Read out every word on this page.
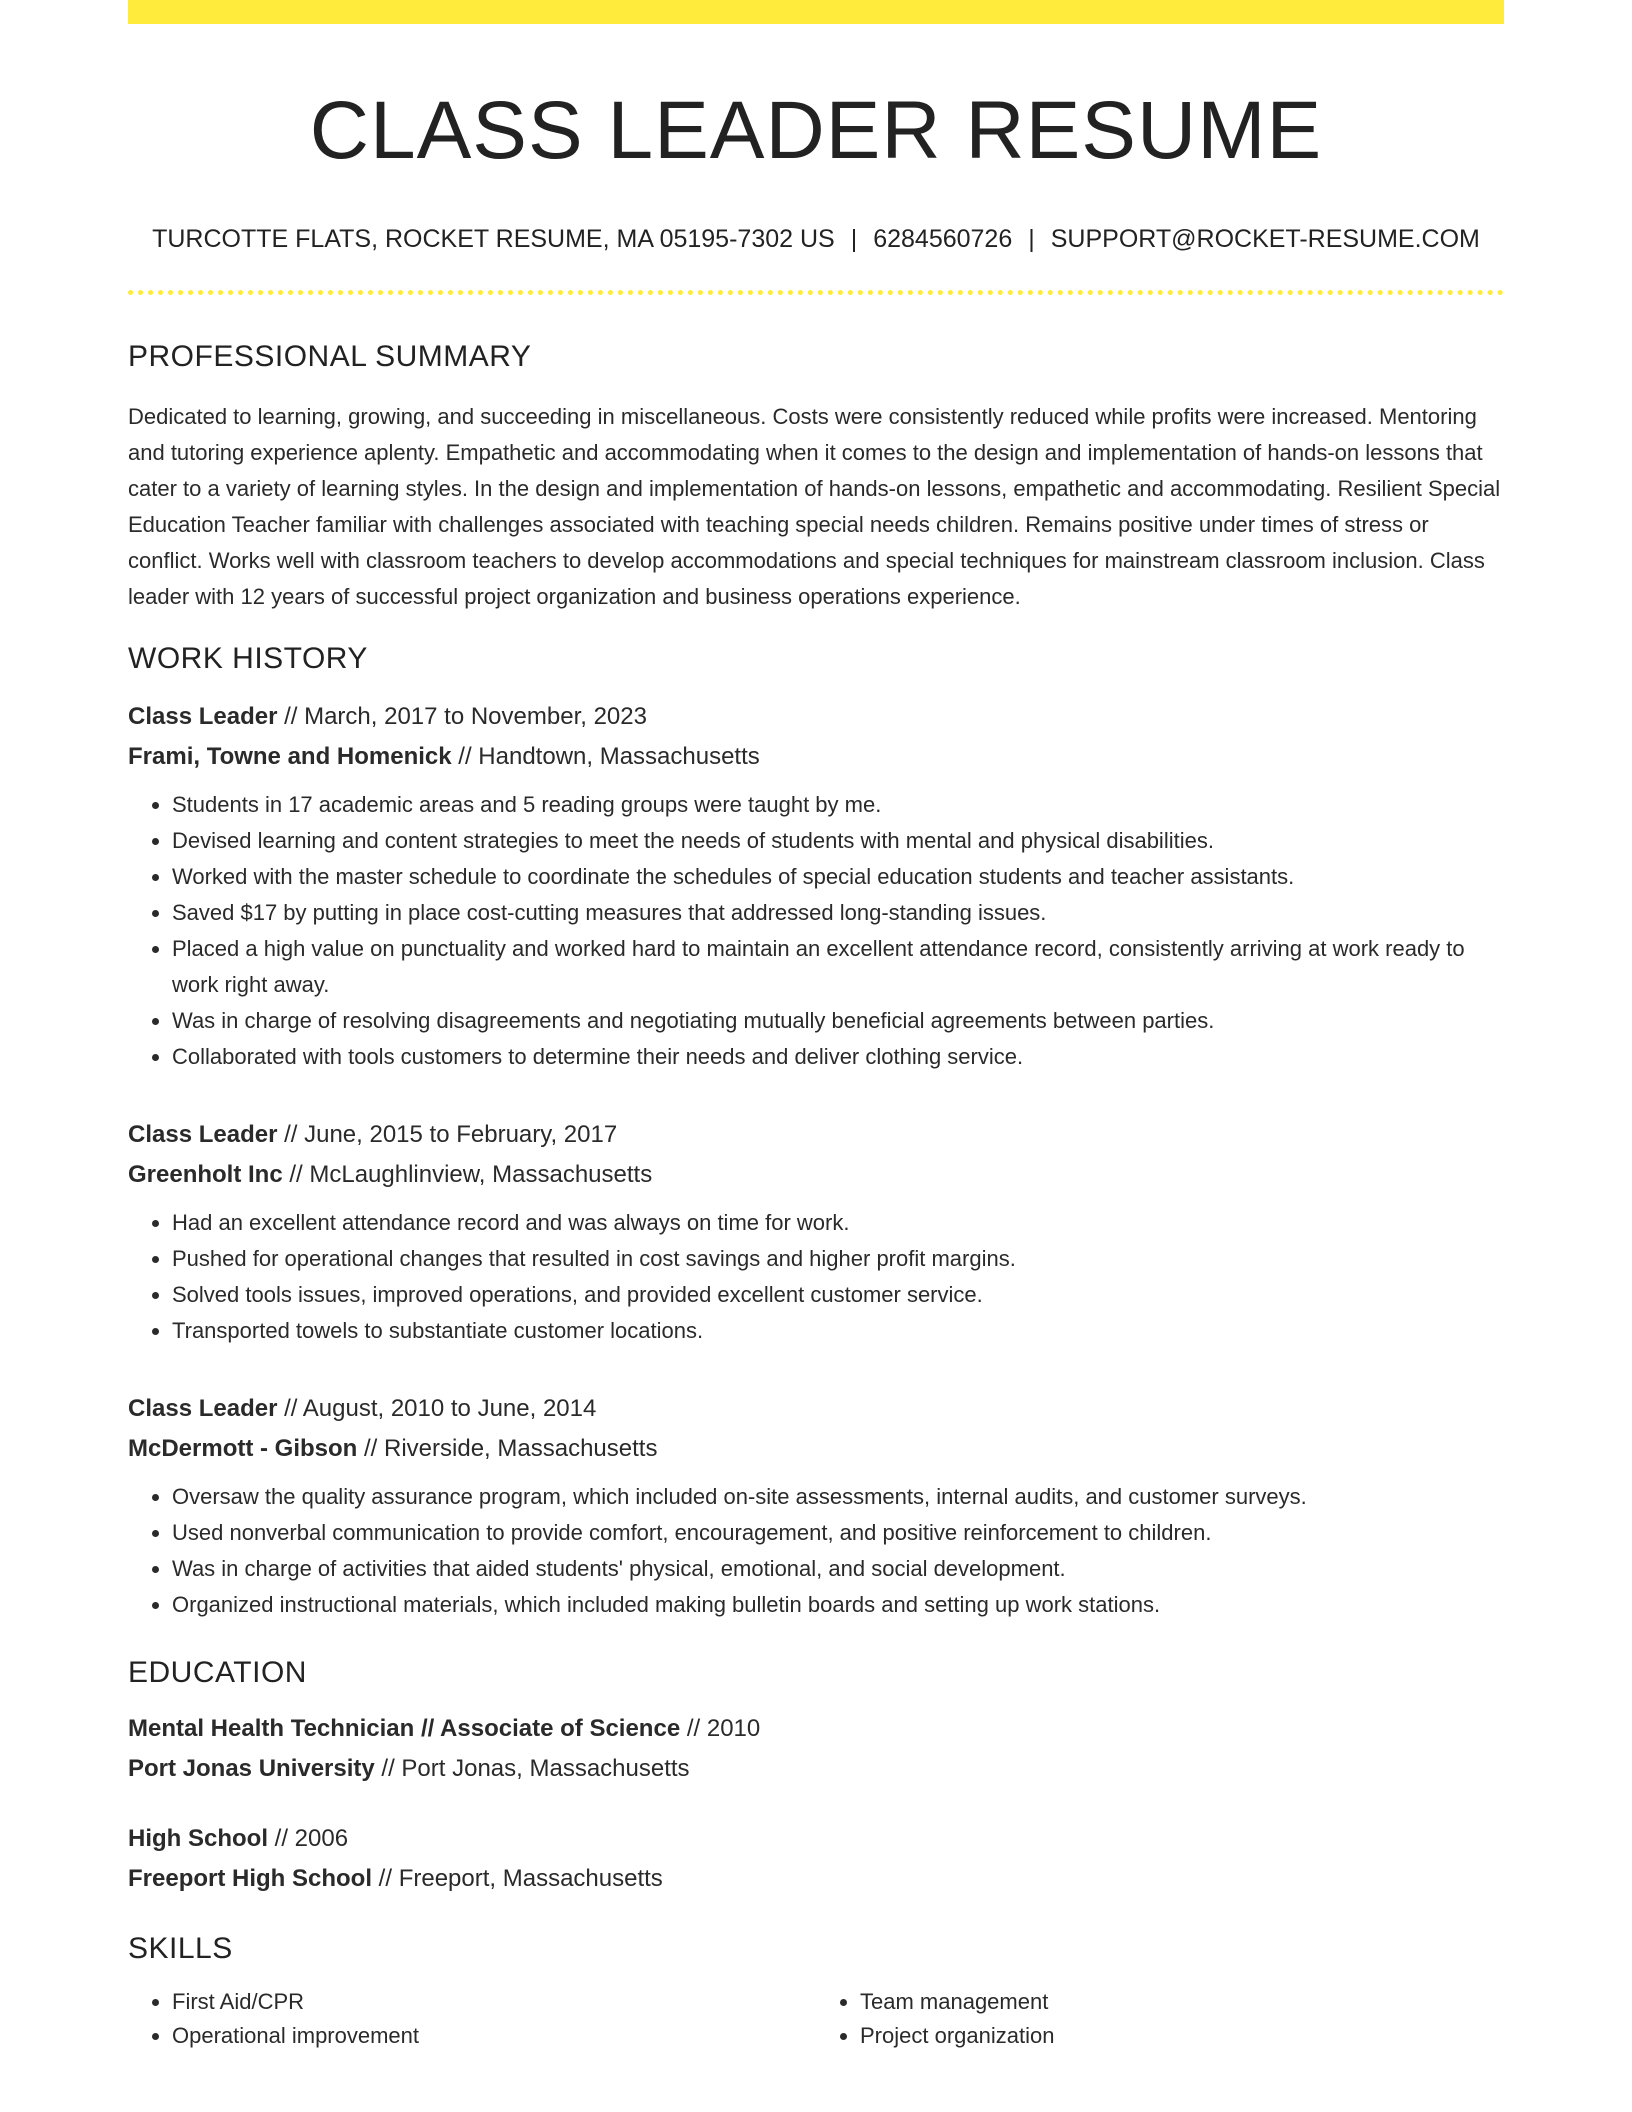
CLASS LEADER RESUME
TURCOTTE FLATS, ROCKET RESUME, MA 05195-7302 US | 6284560726 | SUPPORT@ROCKET-RESUME.COM
PROFESSIONAL SUMMARY

Dedicated to learning, growing, and succeeding in miscellaneous. Costs were consistently reduced while profits were increased. Mentoring and tutoring experience aplenty. Empathetic and accommodating when it comes to the design and implementation of hands-on lessons that cater to a variety of learning styles. In the design and implementation of hands-on lessons, empathetic and accommodating. Resilient Special Education Teacher familiar with challenges associated with teaching special needs children. Remains positive under times of stress or conflict. Works well with classroom teachers to develop accommodations and special techniques for mainstream classroom inclusion. Class leader with 12 years of successful project organization and business operations experience.

WORK HISTORY
Class Leader // March, 2017 to November, 2023
Frami, Towne and Homenick // Handtown, Massachusetts
• Students in 17 academic areas and 5 reading groups were taught by me.
• Devised learning and content strategies to meet the needs of students with mental and physical disabilities.
• Worked with the master schedule to coordinate the schedules of special education students and teacher assistants.
• Saved $17 by putting in place cost-cutting measures that addressed long-standing issues.
• Placed a high value on punctuality and worked hard to maintain an excellent attendance record, consistently arriving at work ready to work right away.
• Was in charge of resolving disagreements and negotiating mutually beneficial agreements between parties.
• Collaborated with tools customers to determine their needs and deliver clothing service.
Class Leader // June, 2015 to February, 2017
Greenholt Inc // McLaughlinview, Massachusetts
• Had an excellent attendance record and was always on time for work.
• Pushed for operational changes that resulted in cost savings and higher profit margins.
• Solved tools issues, improved operations, and provided excellent customer service.
• Transported towels to substantiate customer locations.
Class Leader // August, 2010 to June, 2014
McDermott - Gibson // Riverside, Massachusetts
• Oversaw the quality assurance program, which included on-site assessments, internal audits, and customer surveys.
• Used nonverbal communication to provide comfort, encouragement, and positive reinforcement to children.
• Was in charge of activities that aided students' physical, emotional, and social development.
• Organized instructional materials, which included making bulletin boards and setting up work stations.
EDUCATION
Mental Health Technician // Associate of Science // 2010
Port Jonas University // Port Jonas, Massachusetts
High School // 2006
Freeport High School // Freeport, Massachusetts
SKILLS
• First Aid/CPR
• Operational improvement
• Team management
• Project organization
